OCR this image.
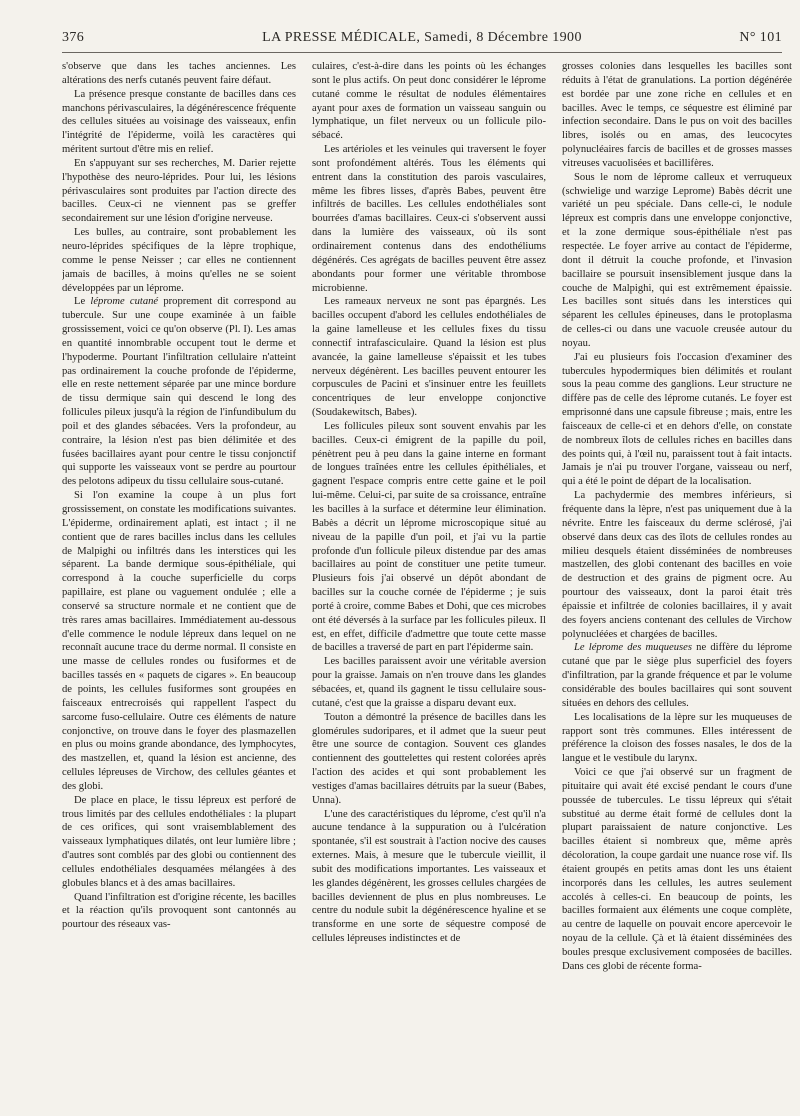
376	LA PRESSE MÉDICALE, Samedi, 8 Décembre 1900	N° 101

s'observe que dans les taches anciennes. Les altérations des nerfs cutanés peuvent faire défaut.

La présence presque constante de bacilles dans ces manchons périvasculaires, la dégénérescence fréquente des cellules situées au voisinage des vaisseaux, enfin l'intégrité de l'épiderme, voilà les caractères qui méritent surtout d'être mis en relief.

En s'appuyant sur ses recherches, M. Darier rejette l'hypothèse des neuro-léprides. Pour lui, les lésions périvasculaires sont produites par l'action directe des bacilles. Ceux-ci ne viennent pas se greffer secondairement sur une lésion d'origine nerveuse.

Les bulles, au contraire, sont probablement les neuro-léprides spécifiques de la lèpre trophique, comme le pense Neisser ; car elles ne contiennent jamais de bacilles, à moins qu'elles ne se soient développées par un lépromе.

Le lépromе cutané proprement dit correspond au tubercule. Sur une coupe examinée à un faible grossissement, voici ce qu'on observe (Pl. I). Les amas en quantité innombrable occupent tout le derme et l'hypoderme. Pourtant l'infiltration cellulaire n'atteint pas ordinairement la couche profonde de l'épiderme, elle en reste nettement séparée par une mince bordure de tissu dermique sain qui descend le long des follicules pileux jusqu'à la région de l'infundibulum du poil et des glandes sébacées. Vers la profondeur, au contraire, la lésion n'est pas bien délimitée et des fusées bacillaires ayant pour centre le tissu conjonctif qui supporte les vaisseaux vont se perdre au pourtour des pelotons adipeux du tissu cellulaire sous-cutané.

Si l'on examine la coupe à un plus fort grossissement, on constate les modifications suivantes. L'épiderme, ordinairement aplati, est intact ; il ne contient que de rares bacilles inclus dans les cellules de Malpighi ou infiltrés dans les interstices qui les séparent. La bande dermique sous-épithéliale, qui correspond à la couche superficielle du corps papillaire, est plane ou vaguement ondulée ; elle a conservé sa structure normale et ne contient que de très rares amas bacillaires. Immédiatement au-dessous d'elle commence le nodule lépreux dans lequel on ne reconnaît aucune trace du derme normal. Il consiste en une masse de cellules rondes ou fusiformes et de bacilles tassés en « paquets de cigares ». En beaucoup de points, les cellules fusiformes sont groupées en faisceaux entrecroisés qui rappellent l'aspect du sarcome fuso-cellulaire. Outre ces éléments de nature conjonctive, on trouve dans le foyer des plasmazellen en plus ou moins grande abondance, des lymphocytes, des mastzellen, et, quand la lésion est ancienne, des cellules lépreuses de Virchow, des cellules géantes et des globi.

De place en place, le tissu lépreux est perforé de trous limités par des cellules endothéliales : la plupart de ces orifices, qui sont vraisemblablement des vaisseaux lymphatiques dilatés, ont leur lumière libre ; d'autres sont comblés par des globi ou contiennent des cellules endothéliales desquamées mélangées à des globules blancs et à des amas bacillaires.

Quand l'infiltration est d'origine récente, les bacilles et la réaction qu'ils provoquent sont cantonnés au pourtour des réseaux vas-

culaires, c'est-à-dire dans les points où les échanges sont le plus actifs. On peut donc considérer le léprome cutané comme le résultat de nodules élémentaires ayant pour axes de formation un vaisseau sanguin ou lymphatique, un filet nerveux ou un follicule pilo-sébacé.

Les artérioles et les veinules qui traversent le foyer sont profondément altérés. Tous les éléments qui entrent dans la constitution des parois vasculaires, même les fibres lisses, d'après Babes, peuvent être infiltrés de bacilles. Les cellules endothéliales sont bourrées d'amas bacillaires. Ceux-ci s'observent aussi dans la lumière des vaisseaux, où ils sont ordinairement contenus dans des endothéliums dégénérés. Ces agrégats de bacilles peuvent être assez abondants pour former une véritable thrombose microbienne.

Les rameaux nerveux ne sont pas épargnés. Les bacilles occupent d'abord les cellules endothéliales de la gaine lamelleuse et les cellules fixes du tissu connectif intrafasciculaire. Quand la lésion est plus avancée, la gaine lamelleuse s'épaissit et les tubes nerveux dégénèrent. Les bacilles peuvent entourer les corpuscules de Pacini et s'insinuer entre les feuillets concentriques de leur enveloppe conjonctive (Soudakewitsch, Babes).

Les follicules pileux sont souvent envahis par les bacilles. Ceux-ci émigrent de la papille du poil, pénètrent peu à peu dans la gaine interne en formant de longues traînées entre les cellules épithéliales, et gagnent l'espace compris entre cette gaine et le poil lui-même. Celui-ci, par suite de sa croissance, entraîne les bacilles à la surface et détermine leur élimination. Babès a décrit un lépromе microscopique situé au niveau de la papille d'un poil, et j'ai vu la partie profonde d'un follicule pileux distendue par des amas bacillaires au point de constituer une petite tumeur. Plusieurs fois j'ai observé un dépôt abondant de bacilles sur la couche cornée de l'épiderme ; je suis porté à croire, comme Babes et Dohi, que ces microbes ont été déversés à la surface par les follicules pileux. Il est, en effet, difficile d'admettre que toute cette masse de bacilles a traversé de part en part l'épiderme sain.

Les bacilles paraissent avoir une véritable aversion pour la graisse. Jamais on n'en trouve dans les glandes sébacées, et, quand ils gagnent le tissu cellulaire sous-cutané, c'est que la graisse a disparu devant eux.

Touton a démontré la présence de bacilles dans les glomérules sudoripares, et il admet que la sueur peut être une source de contagion. Souvent ces glandes contiennent des gouttelettes qui restent colorées après l'action des acides et qui sont probablement les vestiges d'amas bacillaires détruits par la sueur (Babes, Unna).

L'une des caractéristiques du léprome, c'est qu'il n'a aucune tendance à la suppuration ou à l'ulcération spontanée, s'il est soustrait à l'action nocive des causes externes. Mais, à mesure que le tubercule vieillit, il subit des modifications importantes. Les vaisseaux et les glandes dégénèrent, les grosses cellules chargées de bacilles deviennent de plus en plus nombreuses. Le centre du nodule subit la dégénérescence hyaline et se transforme en une sorte de séquestre composé de cellules lépreuses indistinctes et de

grosses colonies dans lesquelles les bacilles sont réduits à l'état de granulations. La portion dégénérée est bordée par une zone riche en cellules et en bacilles. Avec le temps, ce séquestre est éliminé par infection secondaire. Dans le pus on voit des bacilles libres, isolés ou en amas, des leucocytes polynucléaires farcis de bacilles et de grosses masses vitreuses vacuolisées et bacillifères.

Sous le nom de léprome calleux et verruqueux (schwielige und warzige Leprome) Babès décrit une variété un peu spéciale. Dans celle-ci, le nodule lépreux est compris dans une enveloppe conjonctive, et la zone dermique sous-épithéliale n'est pas respectée. Le foyer arrive au contact de l'épiderme, dont il détruit la couche profonde, et l'invasion bacillaire se poursuit insensiblement jusque dans la couche de Malpighi, qui est extrêmement épaissie. Les bacilles sont situés dans les interstices qui séparent les cellules épineuses, dans le protoplasma de celles-ci ou dans une vacuole creusée autour du noyau.

J'ai eu plusieurs fois l'occasion d'examiner des tubercules hypodermiques bien délimités et roulant sous la peau comme des ganglions. Leur structure ne diffère pas de celle des léprome cutanés. Le foyer est emprisonné dans une capsule fibreuse ; mais, entre les faisceaux de celle-ci et en dehors d'elle, on constate de nombreux îlots de cellules riches en bacilles dans des points qui, à l'œil nu, paraissent tout à fait intacts. Jamais je n'ai pu trouver l'organe, vaisseau ou nerf, qui a été le point de départ de la localisation.

La pachydermie des membres inférieurs, si fréquente dans la lèpre, n'est pas uniquement due à la névrite. Entre les faisceaux du derme sclérosé, j'ai observé dans deux cas des îlots de cellules rondes au milieu desquels étaient disséminées de nombreuses mastzellen, des globi contenant des bacilles en voie de destruction et des grains de pigment ocre. Au pourtour des vaisseaux, dont la paroi était très épaissie et infiltrée de colonies bacillaires, il y avait des foyers anciens contenant des cellules de Virchow polynucléées et chargées de bacilles.

Le léprome des muqueuses ne diffère du léprome cutané que par le siège plus superficiel des foyers d'infiltration, par la grande fréquence et par le volume considérable des boules bacillaires qui sont souvent situées en dehors des cellules.

Les localisations de la lèpre sur les muqueuses de rapport sont très communes. Elles intéressent de préférence la cloison des fosses nasales, le dos de la langue et le vestibule du larynx.

Voici ce que j'ai observé sur un fragment de pituitaire qui avait été excisé pendant le cours d'une poussée de tubercules. Le tissu lépreux qui s'était substitué au derme était formé de cellules dont la plupart paraissaient de nature conjonctive. Les bacilles étaient si nombreux que, même après décoloration, la coupe gardait une nuance rose vif. Ils étaient groupés en petits amas dont les uns étaient incorporés dans les cellules, les autres seulement accolés à celles-ci. En beaucoup de points, les bacilles formaient aux éléments une coque complète, au centre de laquelle on pouvait encore apercevoir le noyau de la cellule. Çà et là étaient disséminées des boules presque exclusivement composées de bacilles. Dans ces globi de récente forma-
